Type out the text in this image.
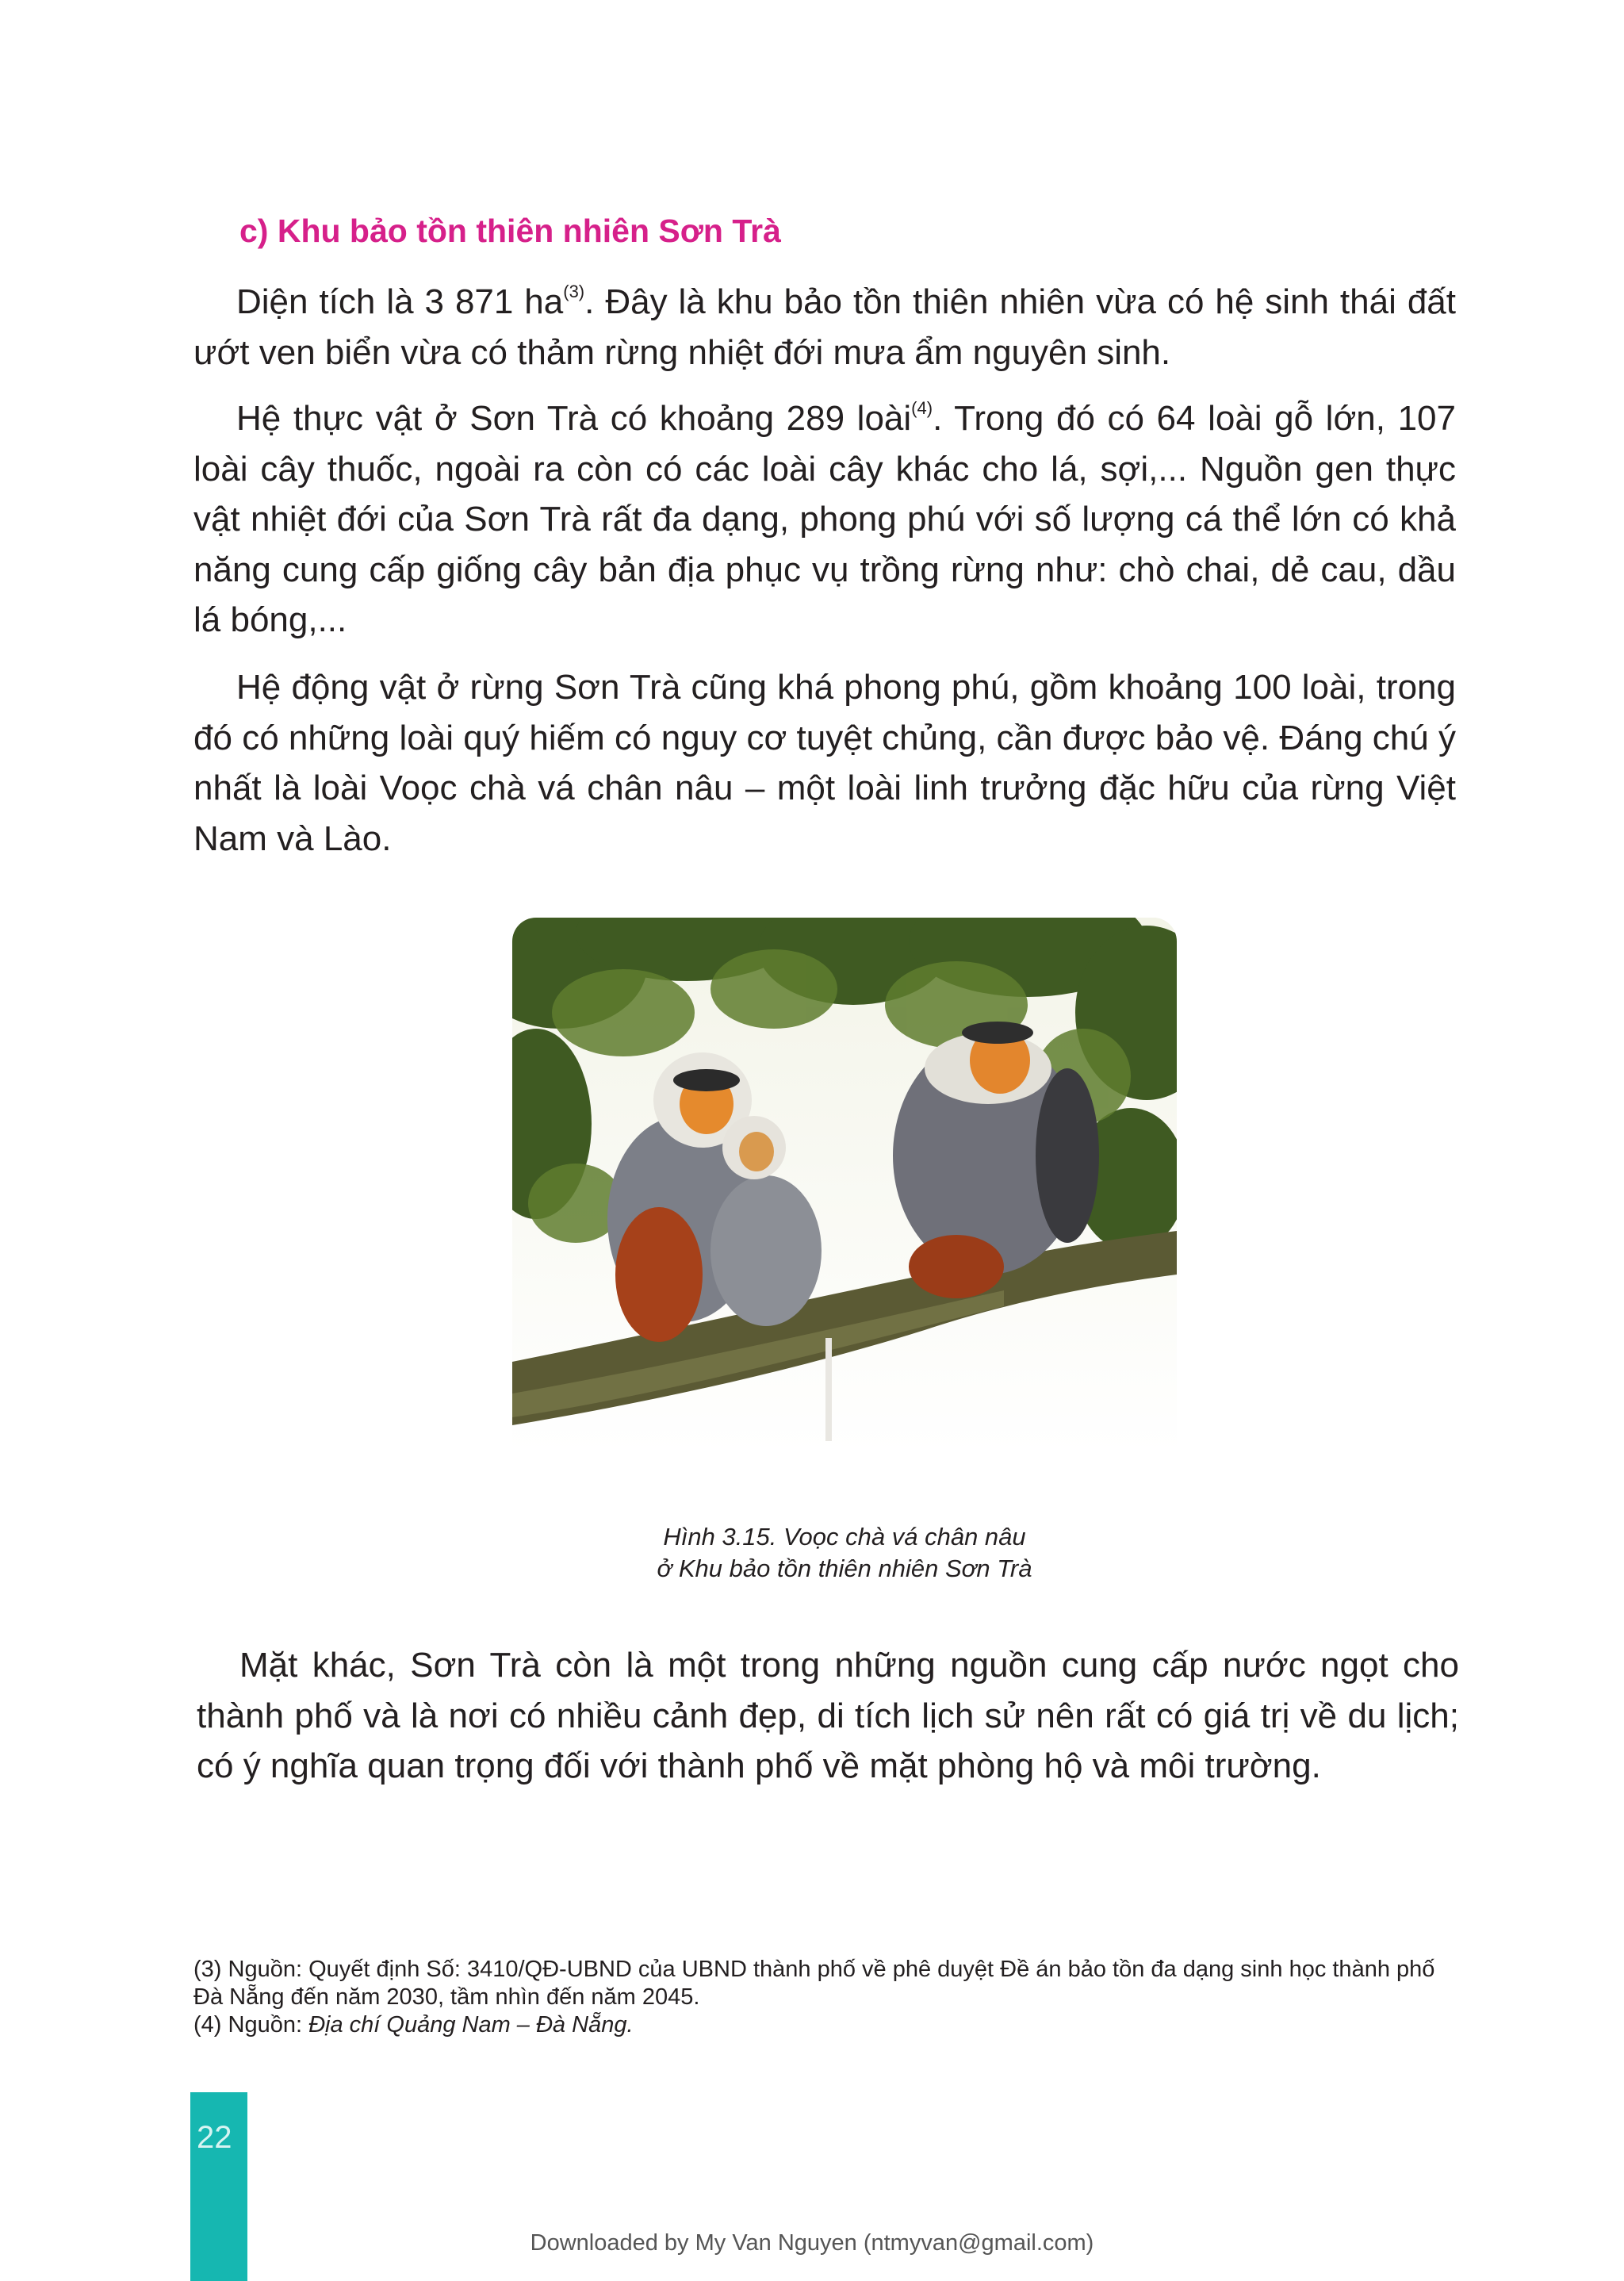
c) Khu bảo tồn thiên nhiên Sơn Trà

Diện tích là 3 871 $ha^{(3)}$. Đây là khu bảo tồn thiên nhiên vừa có hệ sinh thái đất ướt ven biển vừa có thảm rừng nhiệt đới mưa ẩm nguyên sinh.

Hệ thực vật ở Sơn Trà có khoảng 289 loài$^{(4)}$. Trong đó có 64 loài gỗ lớn, 107 loài cây thuốc, ngoài ra còn có các loài cây khác cho lá, sợi,... Nguồn gen thực vật nhiệt đới của Sơn Trà rất đa dạng, phong phú với số lượng cá thể lớn có khả năng cung cấp giống cây bản địa phục vụ trồng rừng như: chò chai, dẻ cau, dầu lá bóng,...

Hệ động vật ở rừng Sơn Trà cũng khá phong phú, gồm khoảng 100 loài, trong đó có những loài quý hiếm có nguy cơ tuyệt chủng, cần được bảo vệ. Đáng chú ý nhất là loài Voọc chà vá chân nâu – một loài linh trưởng đặc hữu của rừng Việt Nam và Lào.

Hình 3.15. Voọc chà vá chân nâu
ở Khu bảo tồn thiên nhiên Sơn Trà

Mặt khác, Sơn Trà còn là một trong những nguồn cung cấp nước ngọt cho thành phố và là nơi có nhiều cảnh đẹp, di tích lịch sử nên rất có giá trị về du lịch; có ý nghĩa quan trọng đối với thành phố về mặt phòng hộ và môi trường.

(3) Nguồn: Quyết định Số: 3410/QĐ-UBND của UBND thành phố về phê duyệt Đề án bảo tồn đa dạng sinh học thành phố Đà Nẵng đến năm 2030, tầm nhìn đến năm 2045.
(4) Nguồn: Địa chí Quảng Nam – Đà Nẵng.
22
Downloaded by My Van Nguyen (ntmyvan@gmail.com)
